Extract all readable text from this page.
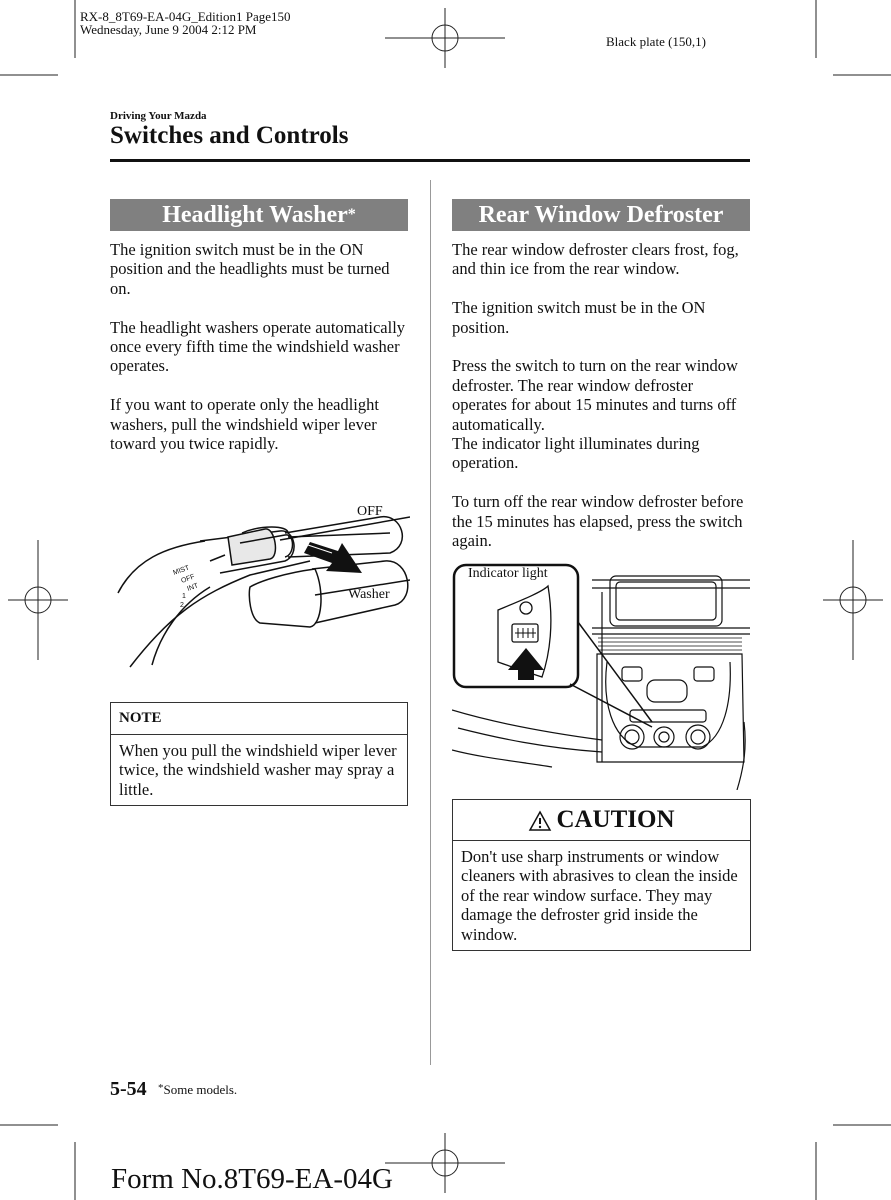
RX-8_8T69-EA-04G_Edition1 Page150
Wednesday, June 9 2004 2:12 PM
Black plate (150,1)
Driving Your Mazda
Switches and Controls
Headlight Washer*

The ignition switch must be in the ON position and the headlights must be turned on.

The headlight washers operate automatically once every fifth time the windshield washer operates.

If you want to operate only the headlight washers, pull the windshield wiper lever toward you twice rapidly.

MIST
OFF
INT
1
2
OFF
Washer
NOTE
When you pull the windshield wiper lever twice, the windshield washer may spray a little.
Rear Window Defroster

The rear window defroster clears frost, fog, and thin ice from the rear window.

The ignition switch must be in the ON position.

Press the switch to turn on the rear window defroster. The rear window defroster operates for about 15 minutes and turns off automatically.
The indicator light illuminates during operation.

To turn off the rear window defroster before the 15 minutes has elapsed, press the switch again.

Indicator light
CAUTION
Don't use sharp instruments or window cleaners with abrasives to clean the inside of the rear window surface. They may damage the defroster grid inside the window.
5-54 *Some models.
Form No.8T69-EA-04G
